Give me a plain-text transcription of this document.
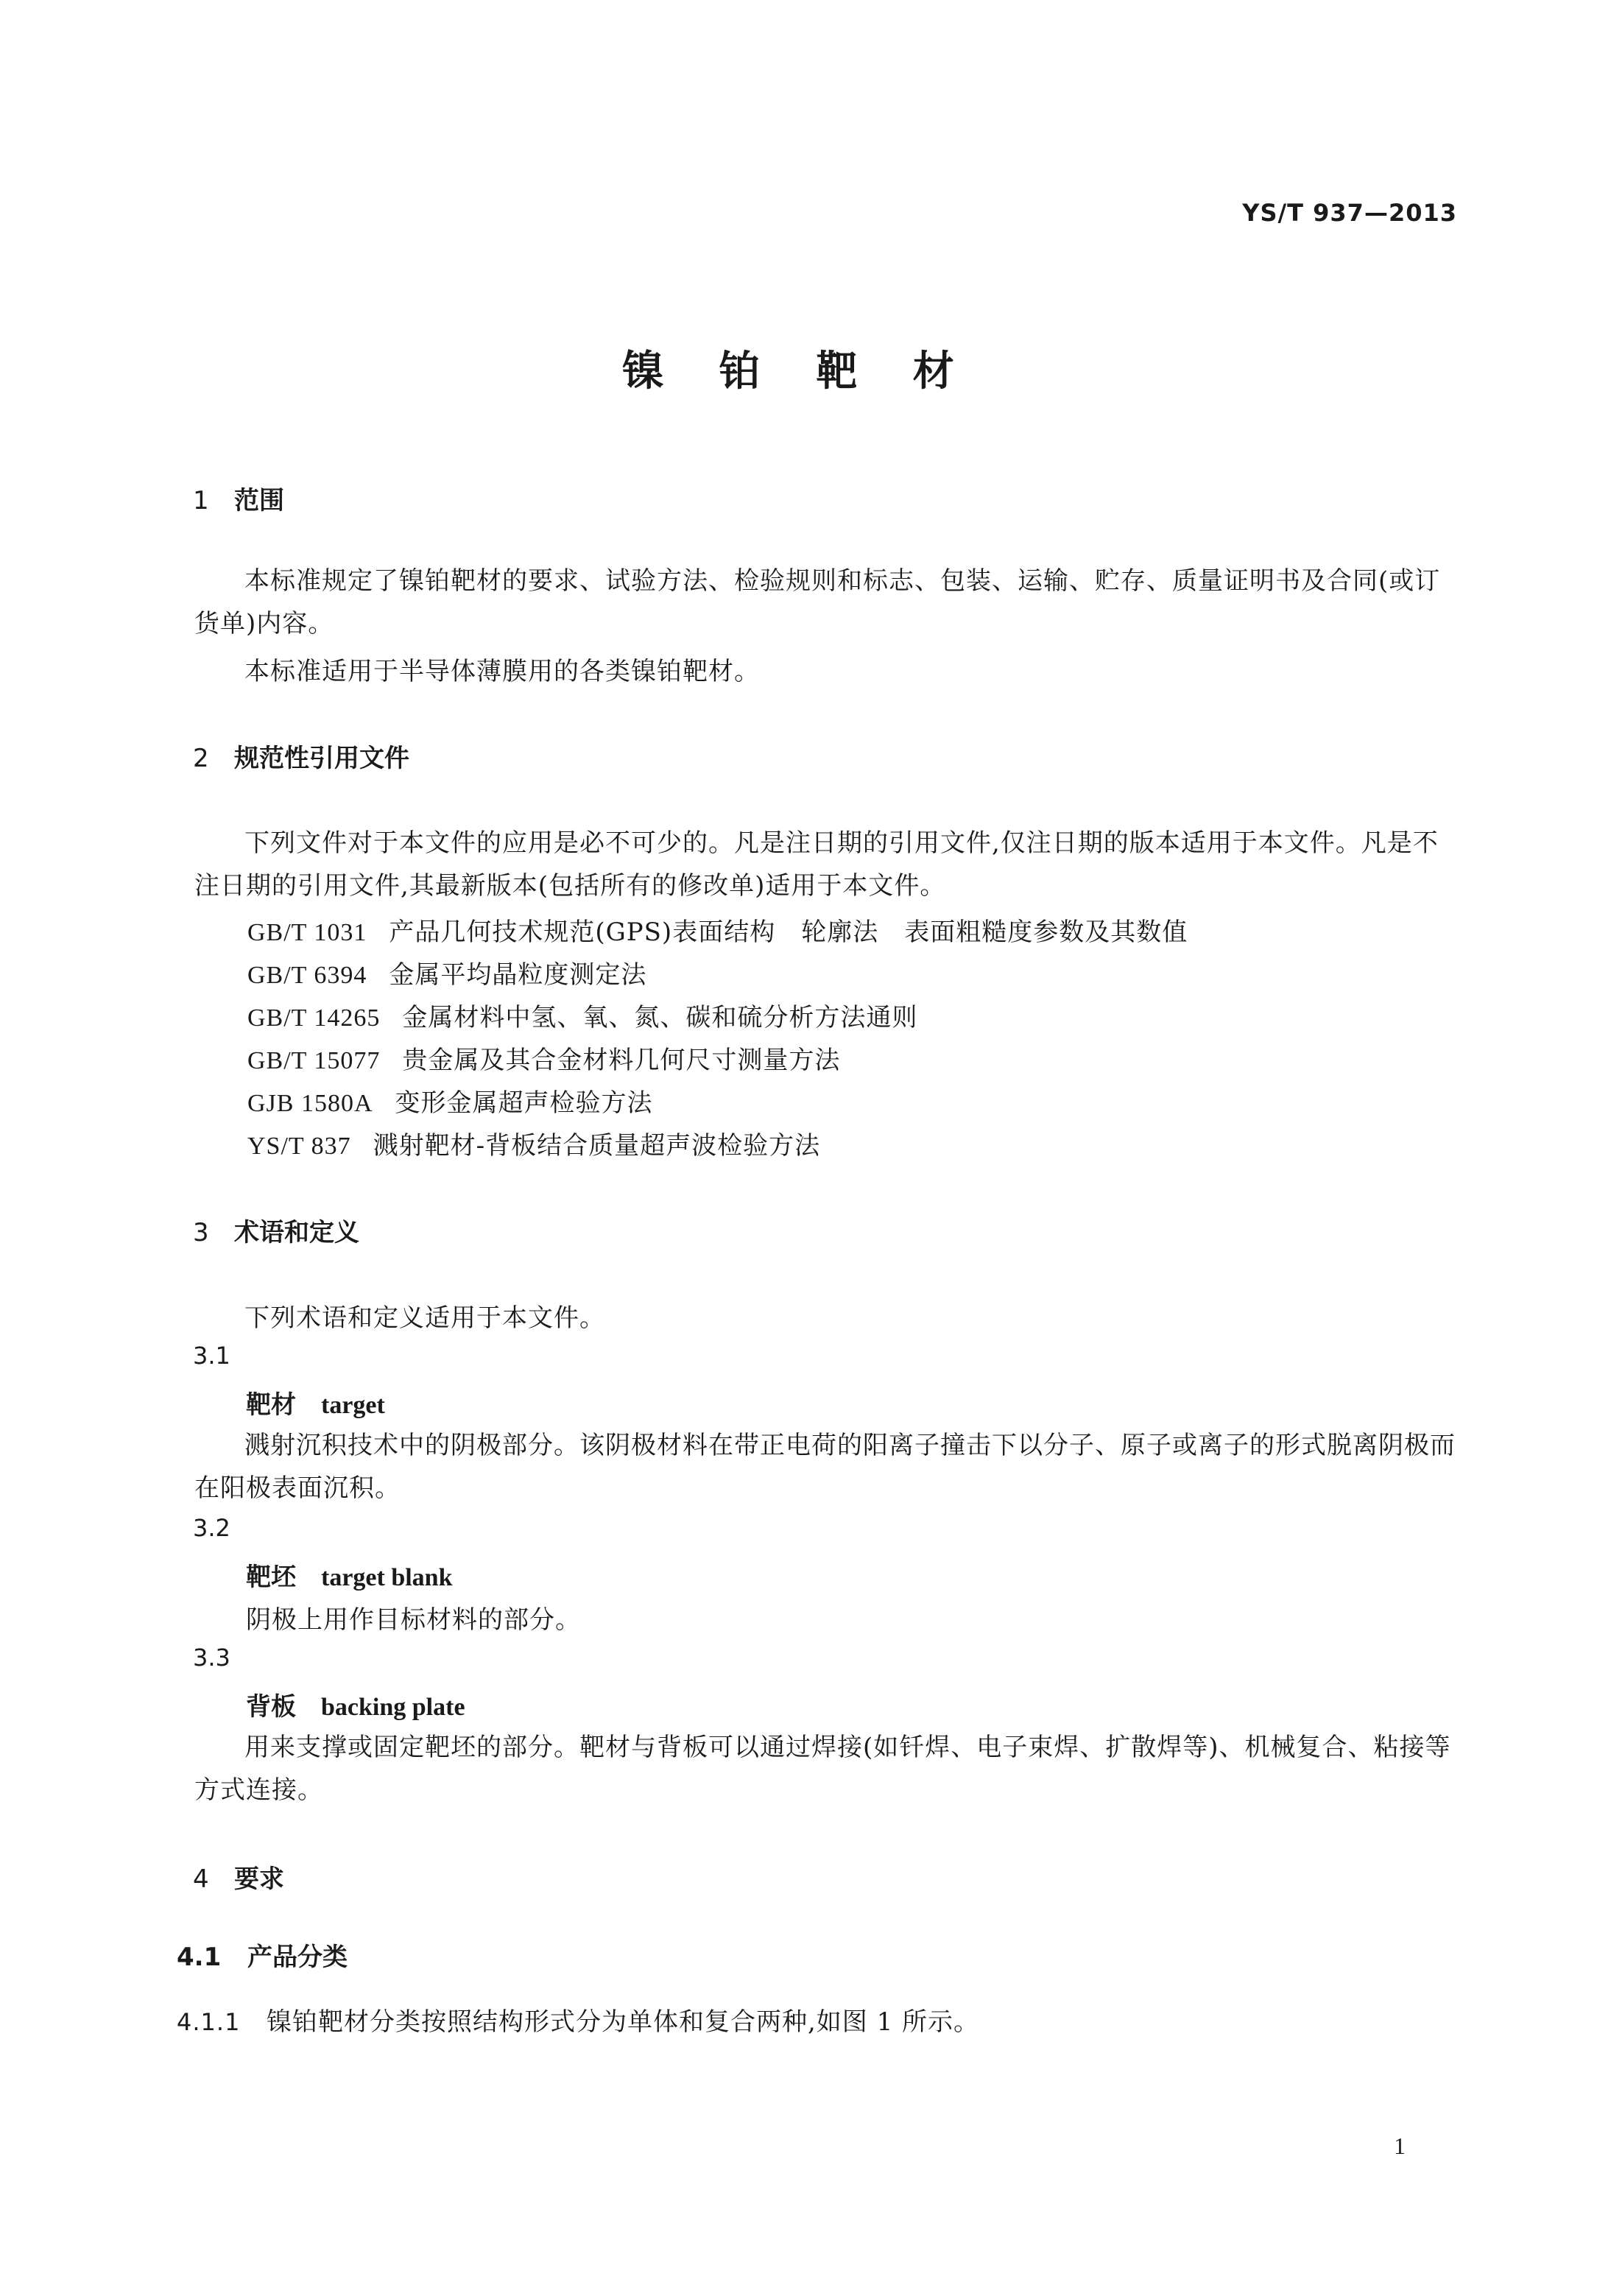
YS/T 937—2013
镍 铂 靶 材
1 范围
本标准规定了镍铂靶材的要求、试验方法、检验规则和标志、包装、运输、贮存、质量证明书及合同(或订货单)内容。
本标准适用于半导体薄膜用的各类镍铂靶材。
2 规范性引用文件
下列文件对于本文件的应用是必不可少的。凡是注日期的引用文件,仅注日期的版本适用于本文件。凡是不注日期的引用文件,其最新版本(包括所有的修改单)适用于本文件。
GB/T 1031 产品几何技术规范(GPS)表面结构　轮廓法　表面粗糙度参数及其数值
GB/T 6394 金属平均晶粒度测定法
GB/T 14265 金属材料中氢、氧、氮、碳和硫分析方法通则
GB/T 15077 贵金属及其合金材料几何尺寸测量方法
GJB 1580A 变形金属超声检验方法
YS/T 837 溅射靶材-背板结合质量超声波检验方法
3 术语和定义
下列术语和定义适用于本文件。
3.1
靶材 target
溅射沉积技术中的阴极部分。该阴极材料在带正电荷的阳离子撞击下以分子、原子或离子的形式脱离阴极而在阳极表面沉积。
3.2
靶坯 target blank
阴极上用作目标材料的部分。
3.3
背板 backing plate
用来支撑或固定靶坯的部分。靶材与背板可以通过焊接(如钎焊、电子束焊、扩散焊等)、机械复合、粘接等方式连接。
4 要求
4.1 产品分类
4.1.1 镍铂靶材分类按照结构形式分为单体和复合两种,如图 1 所示。
1
